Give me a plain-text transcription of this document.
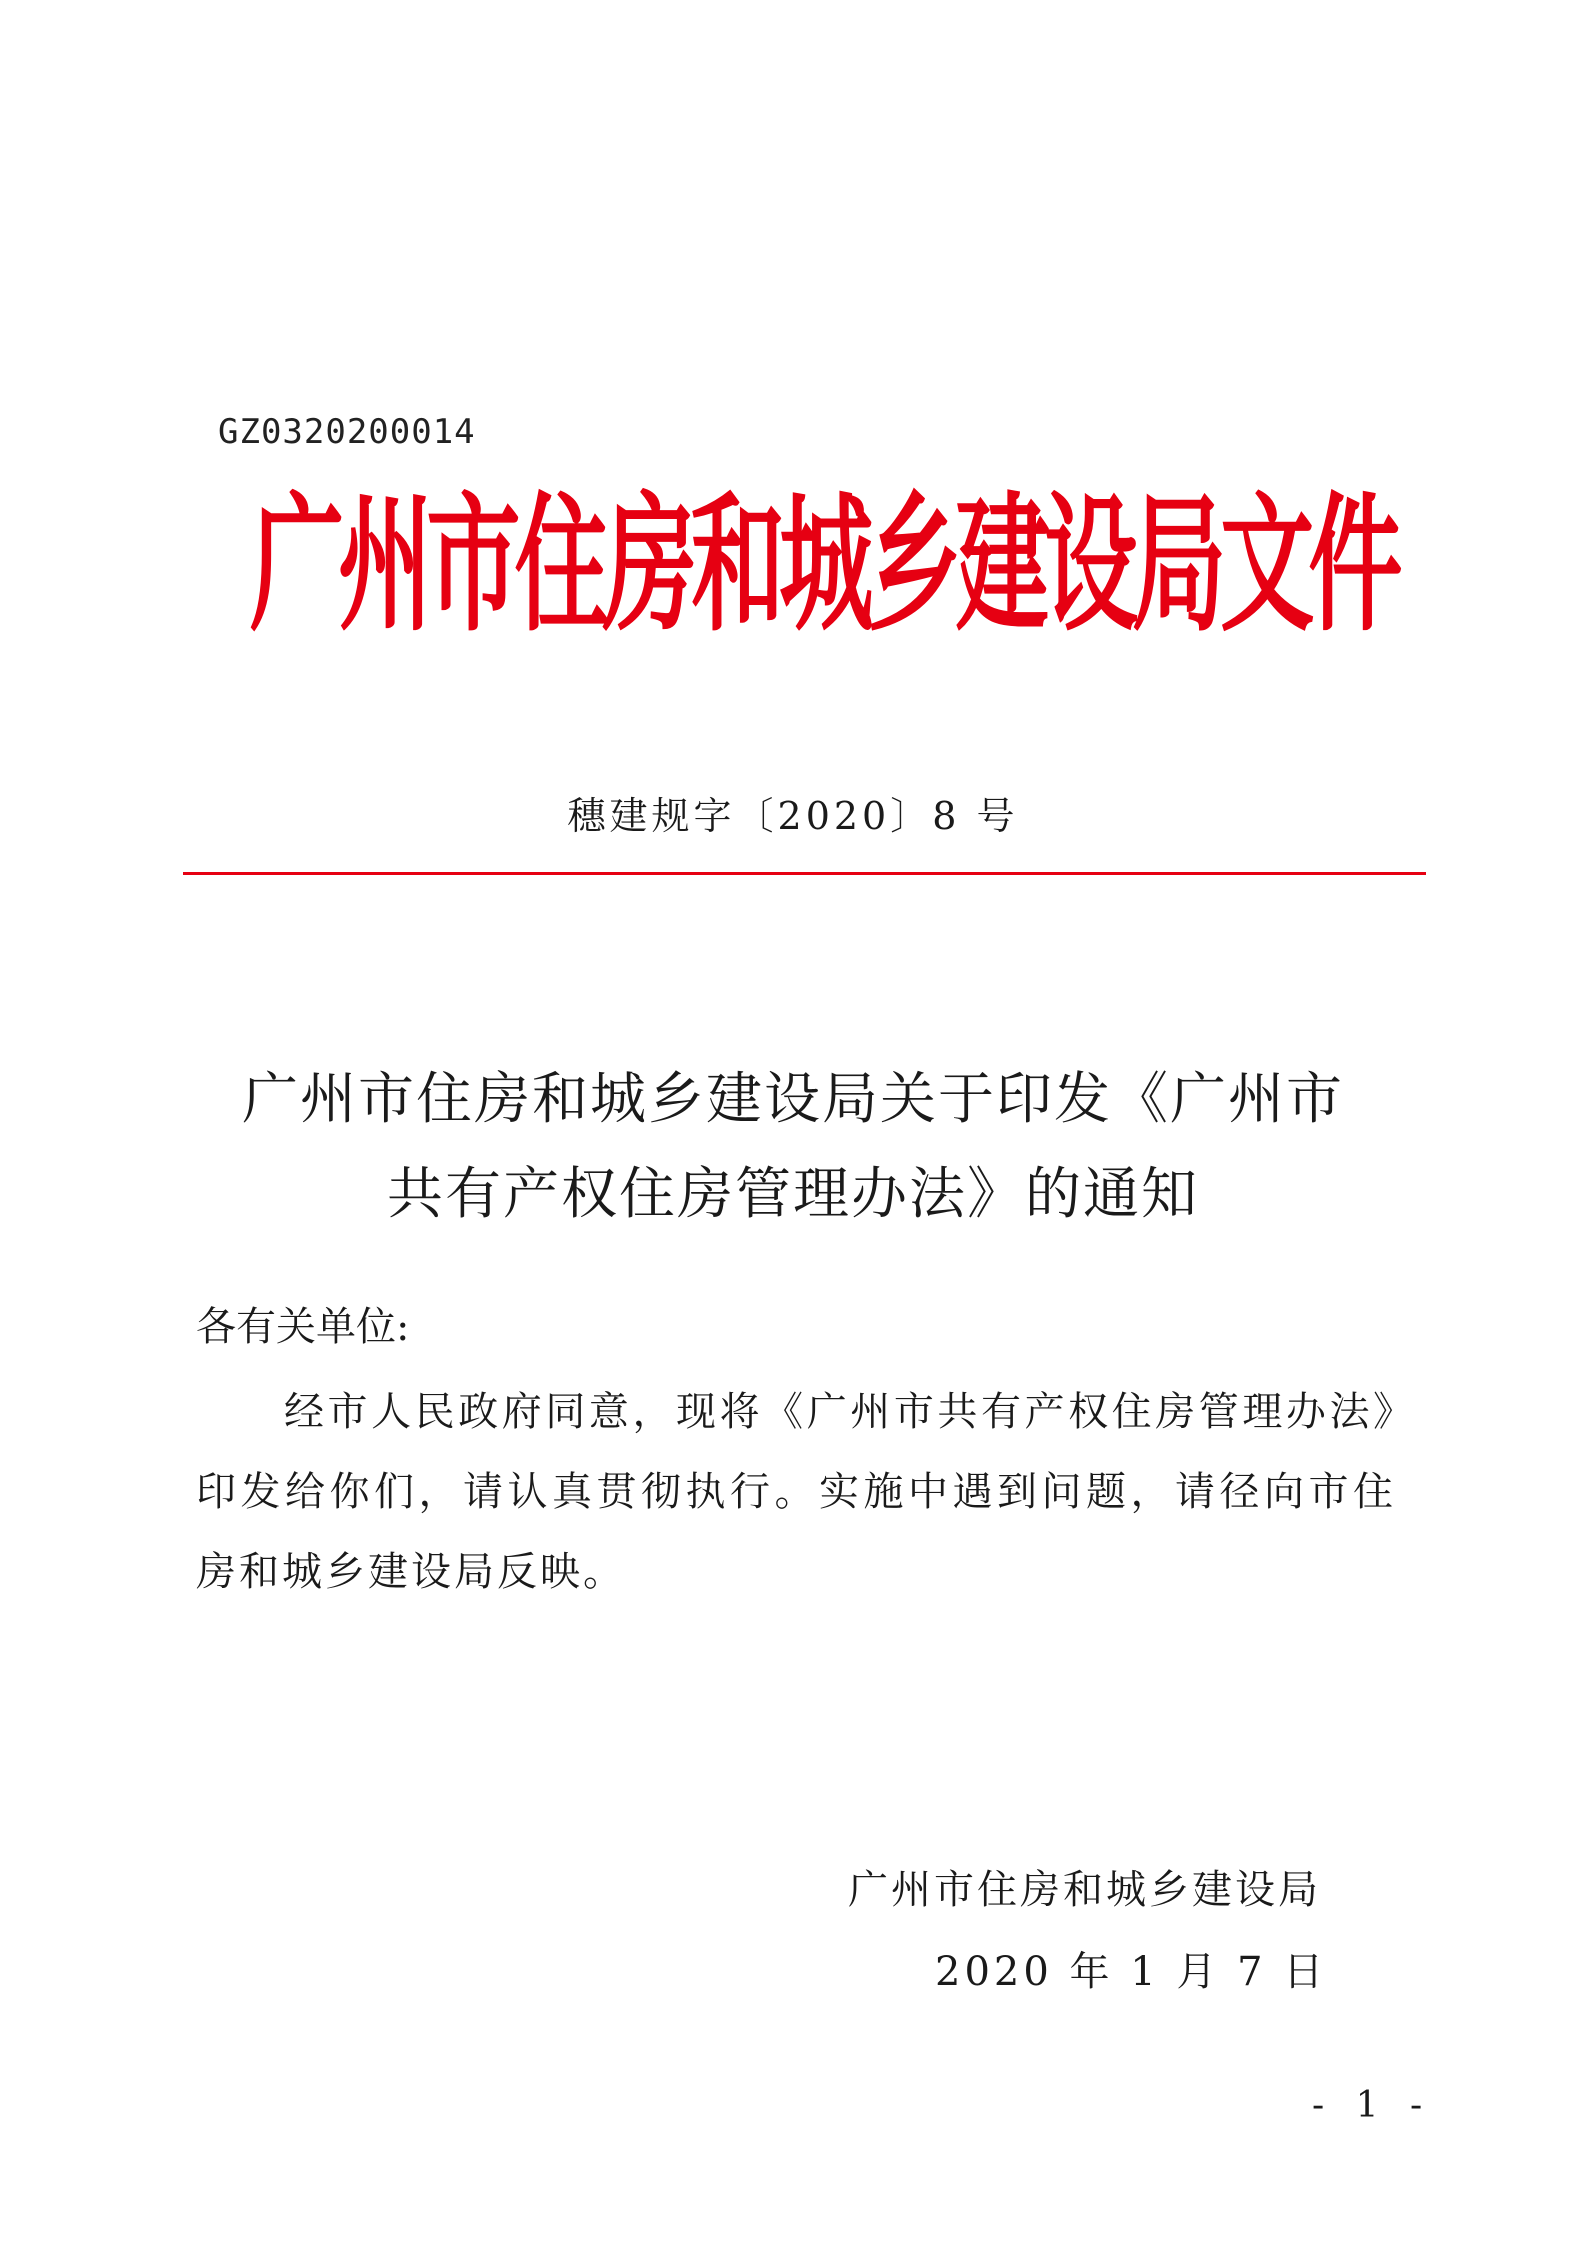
GZ0320200014
广州市住房和城乡建设局文件
穗建规字〔2020〕8 号
广州市住房和城乡建设局关于印发《广州市
共有产权住房管理办法》的通知
各有关单位:
经市人民政府同意，现将《广州市共有产权住房管理办法》印发给你们，请认真贯彻执行。实施中遇到问题，请径向市住房和城乡建设局反映。
广州市住房和城乡建设局
2020 年 1 月 7 日
- 1 -
